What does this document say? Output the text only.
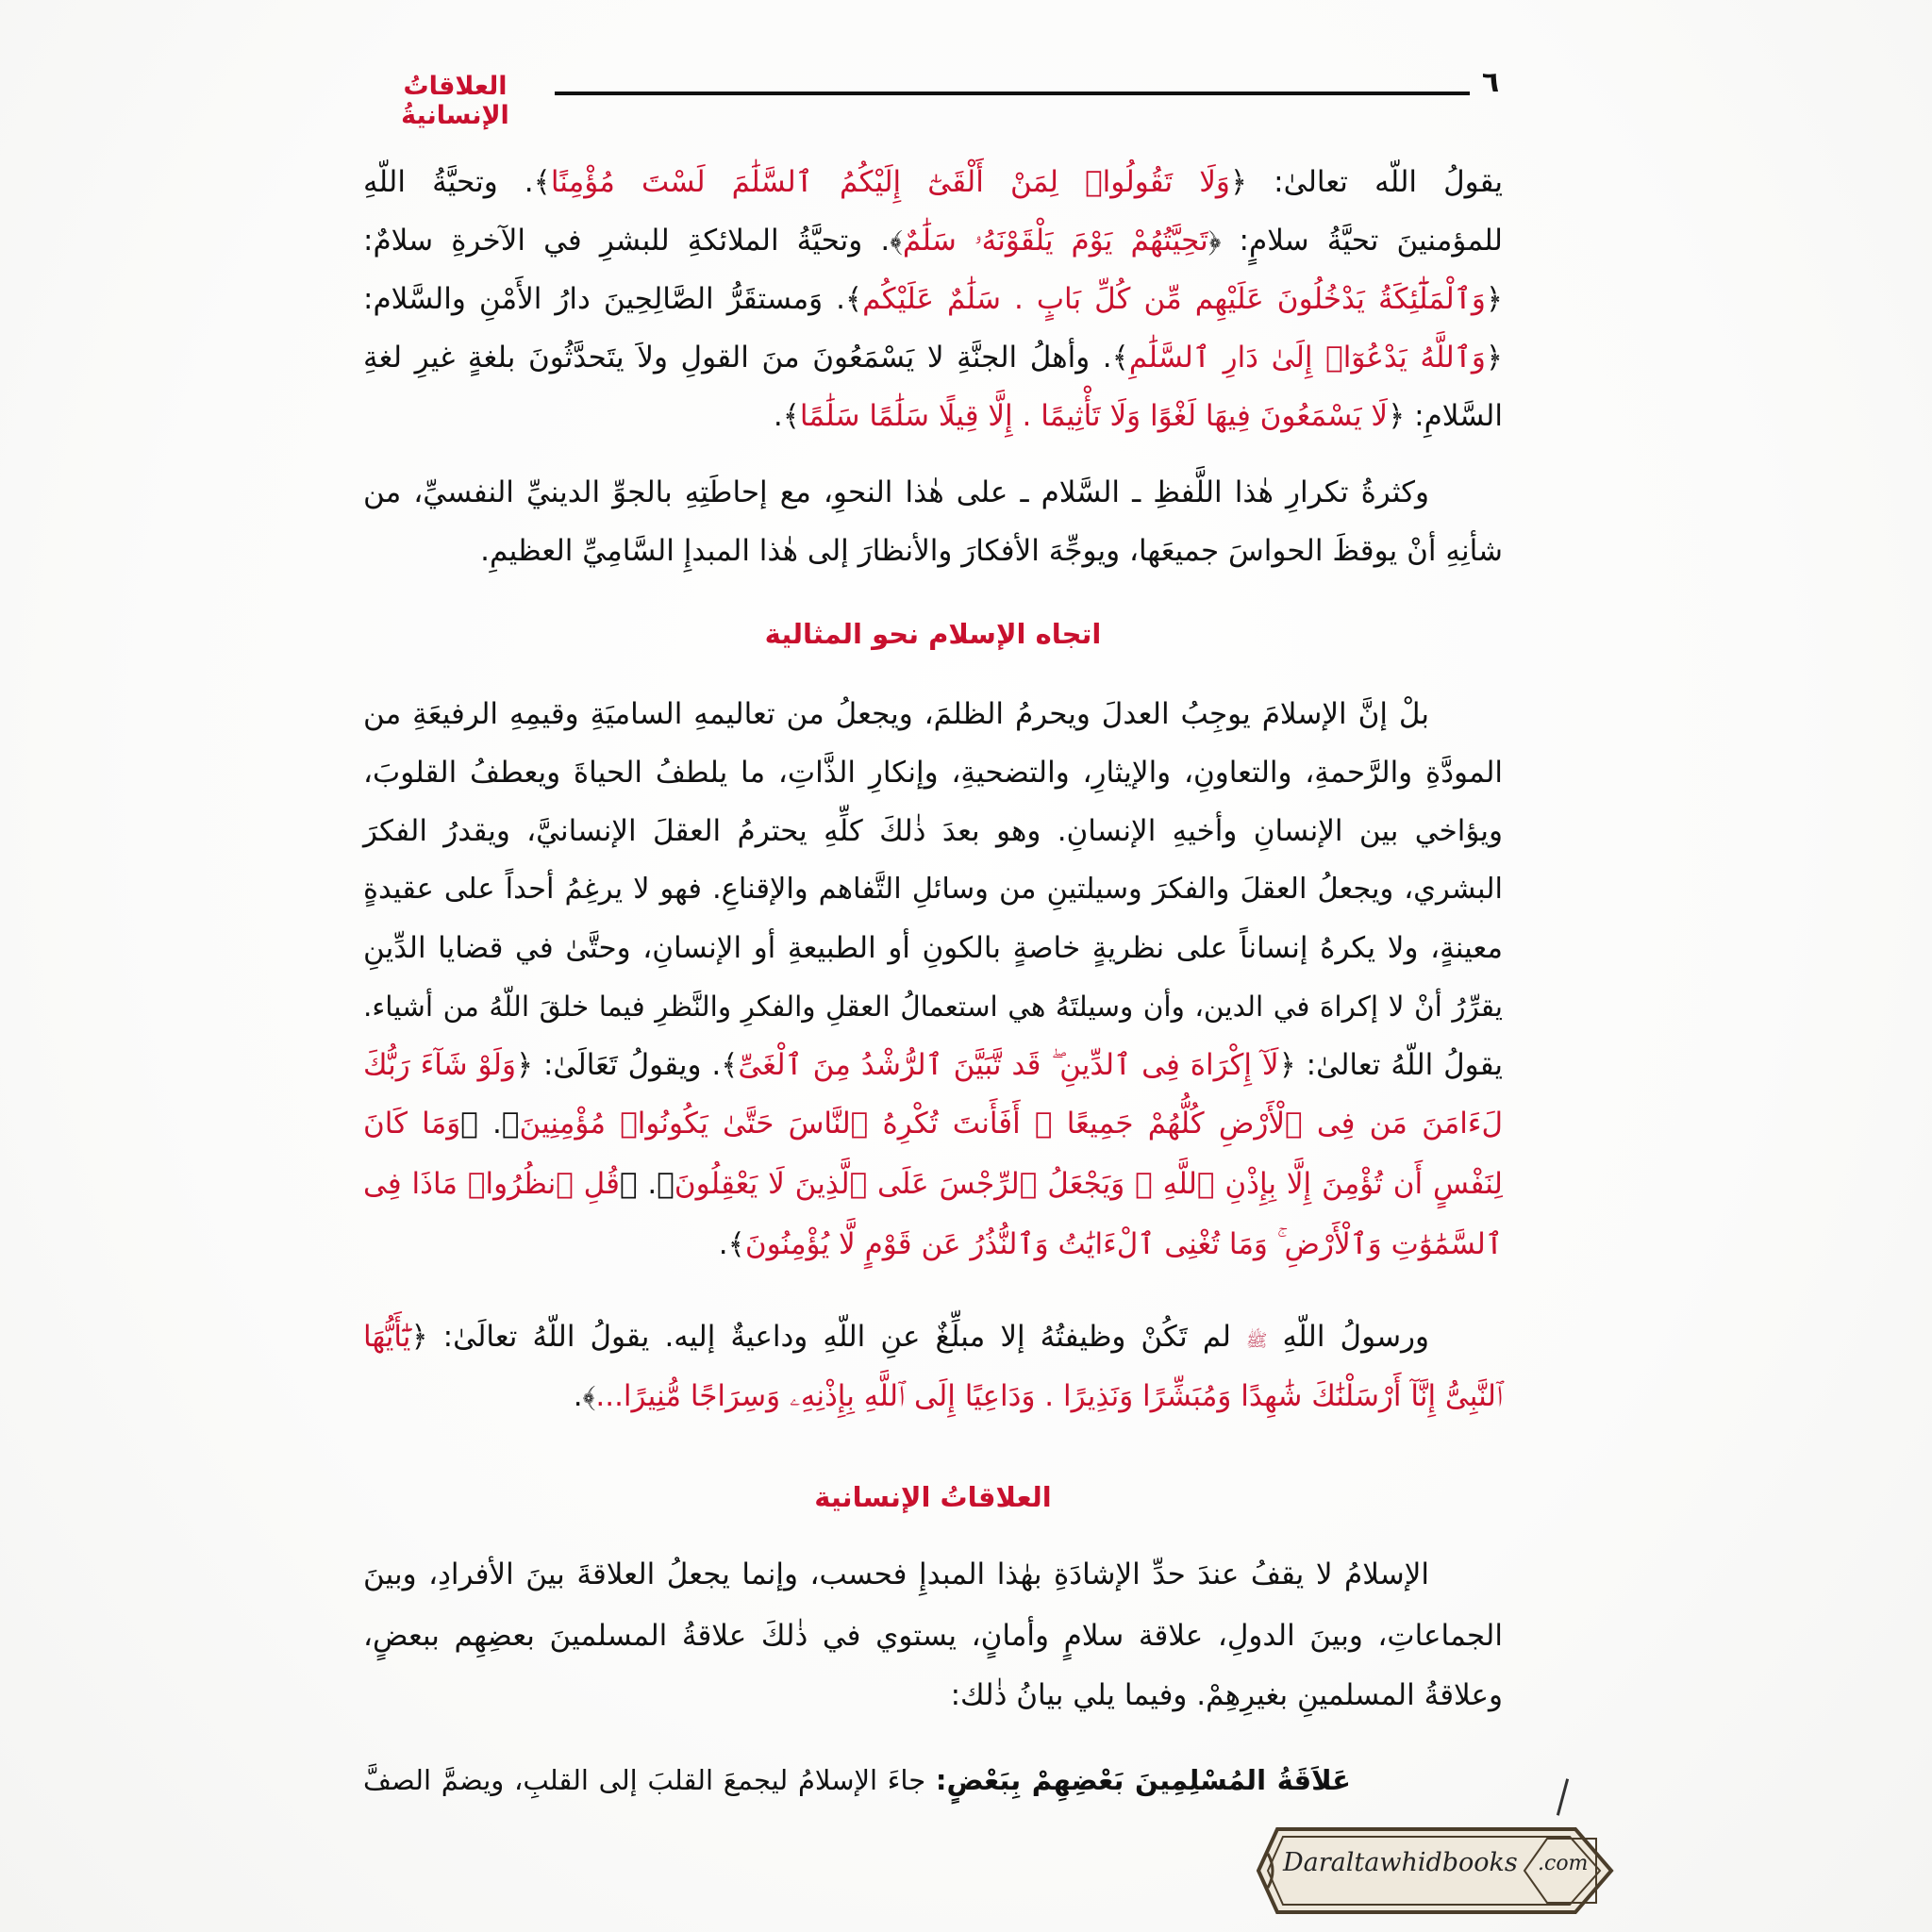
٦
العلاقاتُ الإنسانيةُ
اتجاه الإسلام نحو المثالية
العلاقاتُ الإنسانية
يقولُ اللّه تعالىٰ: ﴿وَلَا تَقُولُوا۟ لِمَنْ أَلْقَىٰٓ إِلَيْكُمُ ٱلسَّلَٰمَ لَسْتَ مُؤْمِنًا﴾. وتحيَّةُ اللّهِ
للمؤمنينَ تحيَّةُ سلامٍ: ﴿تَحِيَّتُهُمْ يَوْمَ يَلْقَوْنَهُۥ سَلَٰمٌ﴾. وتحيَّةُ الملائكةِ للبشرِ في الآخرةِ سلامٌ:
﴿وَٱلْمَلَٰٓئِكَةُ يَدْخُلُونَ عَلَيْهِم مِّن كُلِّ بَابٍ . سَلَٰمٌ عَلَيْكُم﴾. وَمستقَرُّ الصَّالِحِينَ دارُ الأَمْنِ والسَّلام:
﴿وَٱللَّهُ يَدْعُوٓا۟ إِلَىٰ دَارِ ٱلسَّلَٰمِ﴾. وأهلُ الجنَّةِ لا يَسْمَعُونَ منَ القولِ ولاَ يتَحدَّثُونَ بلغةٍ غيرِ لغةِ
السَّلامِ: ﴿لَا يَسْمَعُونَ فِيهَا لَغْوًا وَلَا تَأْثِيمًا . إِلَّا قِيلًا سَلَٰمًا سَلَٰمًا﴾.
وكثرةُ تكرارِ هٰذا اللَّفظِ ـ السَّلام ـ على هٰذا النحوِ، مع إحاطَتِهِ بالجوِّ الدينيِّ النفسيِّ، من
شأنِهِ أنْ يوقظَ الحواسَ جميعَها، ويوجِّهَ الأفكارَ والأنظارَ إلى هٰذا المبدإِ السَّامِيِّ العظيمِ.
بلْ إنَّ الإسلامَ يوجِبُ العدلَ ويحرمُ الظلمَ، ويجعلُ من تعاليمهِ الساميَةِ وقيمِهِ الرفيعَةِ من
المودَّةِ والرَّحمةِ، والتعاونِ، والإيثارِ، والتضحيةِ، وإنكارِ الذَّاتِ، ما يلطفُ الحياةَ ويعطفُ القلوبَ،
ويؤاخي بين الإنسانِ وأخيهِ الإنسانِ. وهو بعدَ ذٰلكَ كلِّهِ يحترمُ العقلَ الإنسانيَّ، ويقدرُ الفكرَ
البشري، ويجعلُ العقلَ والفكرَ وسيلتينِ من وسائلِ التَّفاهم والإقناعِ. فهو لا يرغِمُ أحداً على عقيدةٍ
معينةٍ، ولا يكرهُ إنساناً على نظريةٍ خاصةٍ بالكونِ أو الطبيعةِ أو الإنسانِ، وحتَّىٰ في قضايا الدِّينِ
يقرِّرُ أنْ لا إكراهَ في الدين، وأن وسيلتَهُ هي استعمالُ العقلِ والفكرِ والنَّظرِ فيما خلقَ اللّهُ من أشياء.
يقولُ اللّهُ تعالىٰ: ﴿لَآ إِكْرَاهَ فِى ٱلدِّينِ ۖ قَد تَّبَيَّنَ ٱلرُّشْدُ مِنَ ٱلْغَىِّ﴾. ويقولُ تَعَالَىٰ: ﴿وَلَوْ شَآءَ رَبُّكَ
لَءَامَنَ مَن فِى ٱلْأَرْضِ كُلُّهُمْ جَمِيعًا ۚ أَفَأَنتَ تُكْرِهُ ٱلنَّاسَ حَتَّىٰ يَكُونُوا۟ مُؤْمِنِينَ﴾. ﴿وَمَا كَانَ
لِنَفْسٍ أَن تُؤْمِنَ إِلَّا بِإِذْنِ ٱللَّهِ ۚ وَيَجْعَلُ ٱلرِّجْسَ عَلَى ٱلَّذِينَ لَا يَعْقِلُونَ﴾. ﴿قُلِ ٱنظُرُوا۟ مَاذَا فِى
ٱلسَّمَٰوَٰتِ وَٱلْأَرْضِ ۚ وَمَا تُغْنِى ٱلْءَايَٰتُ وَٱلنُّذُرُ عَن قَوْمٍ لَّا يُؤْمِنُونَ﴾.
ورسولُ اللّهِ ﷺ لم تَكُنْ وظيفتُهُ إلا مبلِّغٌ عنِ اللّهِ وداعيةٌ إليه. يقولُ اللّهُ تعالَىٰ: ﴿يَٰٓأَيُّهَا
ٱلنَّبِىُّ إِنَّآ أَرْسَلْنَٰكَ شَٰهِدًا وَمُبَشِّرًا وَنَذِيرًا . وَدَاعِيًا إِلَى ٱللَّهِ بِإِذْنِهِۦ وَسِرَاجًا مُّنِيرًا...﴾.
الإسلامُ لا يقفُ عندَ حدِّ الإشادَةِ بهٰذا المبدإِ فحسب، وإنما يجعلُ العلاقةَ بينَ الأفرادِ، وبينَ
الجماعاتِ، وبينَ الدولِ، علاقة سلامٍ وأمانٍ، يستوي في ذٰلكَ علاقةُ المسلمينَ بعضِهِم ببعضٍ،
وعلاقةُ المسلمينِ بغيرِهِمْ. وفيما يلي بيانُ ذٰلك:
عَلاَقَةُ المُسْلِمِينَ بَعْضِهِمْ بِبَعْضٍ: جاءَ الإسلامُ ليجمعَ القلبَ إلى القلبِ، ويضمَّ الصفَّ
Daraltawhidbooks .com
